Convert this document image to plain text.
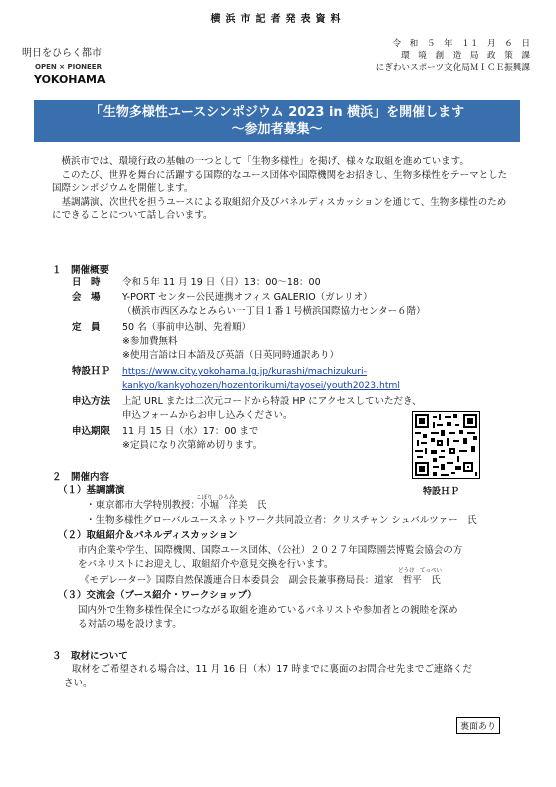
横浜市記者発表資料
明日をひらく都市
OPEN × PIONEER
YOKOHAMA
令　和　５　年　１１　月　６　日
環　境　創　造　局　政　策　課
にぎわいスポーツ文化局ＭＩＣＥ振興課
「生物多様性ユースシンポジウム 2023 in 横浜」を開催します
〜参加者募集〜

　横浜市では、環境行政の基軸の一つとして「生物多様性」を掲げ、様々な取組を進めています。

　このたび、世界を舞台に活躍する国際的なユース団体や国際機関をお招きし、生物多様性をテーマとした国際シンポジウムを開催します。

　基調講演、次世代を担うユースによる取組紹介及びパネルディスカッションを通じて、生物多様性のためにできることについて話し合います。

１　開催概要
日　時 令和５年 11 月 19 日（日）13：00～18：00
会　場 Y-PORT センター公民連携オフィス GALERIO（ガレリオ）
（横浜市西区みなとみらい一丁目１番１号横浜国際協力センター６階）
定　員 50 名（事前申込制、先着順）
※参加費無料
※使用言語は日本語及び英語（日英同時通訳あり）
特設ＨＰ https://www.city.yokohama.lg.jp/kurashi/machizukuri-
kankyo/kankyohozen/hozentorikumi/tayosei/youth2023.html
申込方法 上記 URL または二次元コードから特設 HP にアクセスしていただき、
申込フォームからお申し込みください。
申込期限 11 月 15 日（水）17：00 まで
※定員になり次第締め切ります。
特設ＨＰ
２　開催内容
（１）基調講演
こぼり　ひろみ
・東京都市大学特別教授：小堀　洋美　氏
・生物多様性グローバルユースネットワーク共同設立者：クリスチャン シュバルツァー　氏
（２）取組紹介＆パネルディスカッション
市内企業や学生、国際機関、国際ユース団体、（公社）２０２７年国際園芸博覧会協会の方
をパネリストにお迎えし、取組紹介や意見交換を行います。
どうけ　てっぺい
《モデレーター》国際自然保護連合日本委員会　副会長兼事務局長：道家　哲平　氏
（３）交流会（ブース紹介・ワークショップ）
国内外で生物多様性保全につながる取組を進めているパネリストや参加者との親睦を深め
る対話の場を設けます。
３　取材について
取材をご希望される場合は、11 月 16 日（木）17 時までに裏面のお問合せ先までご連絡くだ
さい。
裏面あり
